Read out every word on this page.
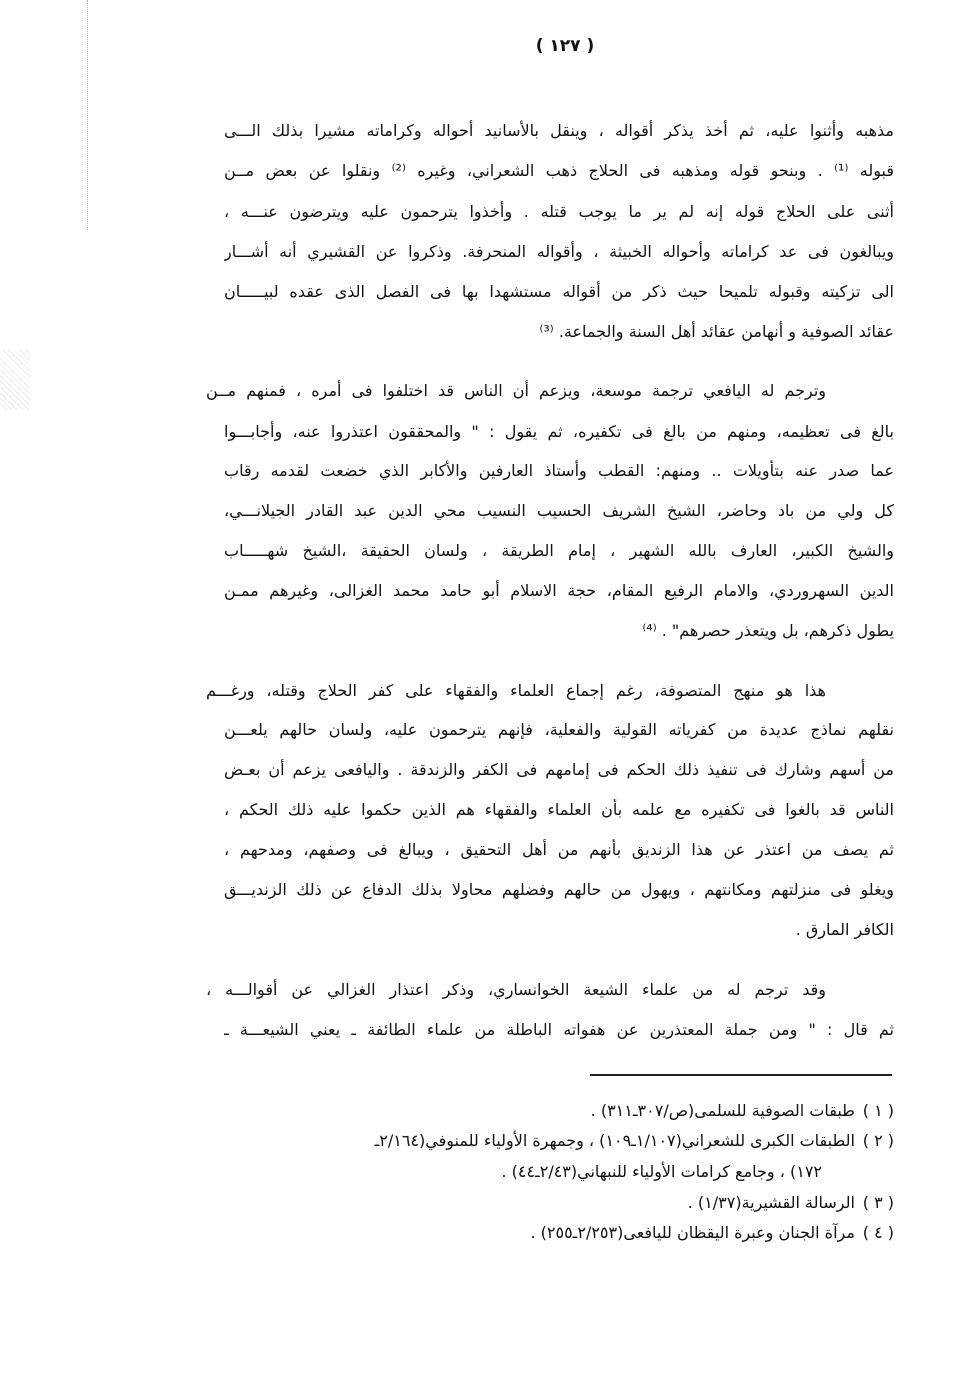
( ١٢٧ )
مذهبه وأثنوا عليه، ثم أخذ يذكر أقواله ، وينقل بالأسانيد أحواله وكراماته مشيرا بذلك الـــى
قبوله ⁽¹⁾ . وبنحو قوله ومذهبه فى الحلاج ذهب الشعراني، وغيره ⁽²⁾ ونقلوا عن بعض مــن
أثنى على الحلاج قوله إنه لم ير ما يوجب قتله . وأخذوا يترحمون عليه ويترضون عنـــه ،
ويبالغون فى عد كراماته وأحواله الخبيثة ، وأقواله المنحرفة. وذكروا عن القشيري أنه أشـــار
الى تزكيته وقبوله تلميحا حيث ذكر من أقواله مستشهدا بها فى الفصل الذى عقده لبيـــــان
عقائد الصوفية و أنهامن عقائد أهل السنة والجماعة. ⁽³⁾
وترجم له اليافعي ترجمة موسعة، ويزعم أن الناس قد اختلفوا فى أمره ، فمنهم مــن
بالغ فى تعظيمه، ومنهم من بالغ فى تكفيره، ثم يقول : " والمحققون اعتذروا عنه، وأجابـــوا
عما صدر عنه بتأويلات .. ومنهم: القطب وأستاذ العارفين والأكابر الذي خضعت لقدمه رقاب
كل ولي من باد وحاضر، الشيخ الشريف الحسيب النسيب محي الدين عبد القادر الجيلانـــي،
والشيخ الكبير، العارف بالله الشهير ، إمام الطريقة ، ولسان الحقيقة ،الشيخ شهـــــاب
الدين السهروردي، والامام الرفيع المقام، حجة الاسلام أبو حامد محمد الغزالى، وغيرهم ممـن
يطول ذكرهم، بل ويتعذر حصرهم" . ⁽⁴⁾
هذا هو منهج المتصوفة، رغم إجماع العلماء والفقهاء على كفر الحلاج وقتله، ورغـــم
نقلهم نماذج عديدة من كفرياته القولية والفعلية، فإنهم يترحمون عليه، ولسان حالهم يلعـــن
من أسهم وشارك فى تنفيذ ذلك الحكم فى إمامهم فى الكفر والزندقة . واليافعى يزعم أن بعـض
الناس قد بالغوا فى تكفيره مع علمه بأن العلماء والفقهاء هم الذين حكموا عليه ذلك الحكم ،
ثم يصف من اعتذر عن هذا الزنديق بأنهم من أهل التحقيق ، ويبالغ فى وصفهم، ومدحهم ،
ويغلو فى منزلتهم ومكانتهم ، ويهول من حالهم وفضلهم محاولا بذلك الدفاع عن ذلك الزنديـــق
الكافر المارق .
وقد ترجم له من علماء الشيعة الخوانساري، وذكر اعتذار الغزالي عن أقوالـــه ،
ثم قال : " ومن جملة المعتذرين عن هفواته الباطلة من علماء الطائفة ـ يعني الشيعـــة ـ
( ١ ) طبقات الصوفية للسلمى(ص/٣٠٧ـ٣١١) .
( ٢ ) الطبقات الكبرى للشعراني(١/١٠٧ـ١٠٩) ، وجمهرة الأولياء للمنوفي(٢/١٦٤ـ
١٧٢) ، وجامع كرامات الأولياء للنبهاني(٢/٤٣ـ٤٤) .
( ٣ ) الرسالة القشيرية(١/٣٧) .
( ٤ ) مرآة الجنان وعبرة اليقظان لليافعى(٢/٢٥٣ـ٢٥٥) .
